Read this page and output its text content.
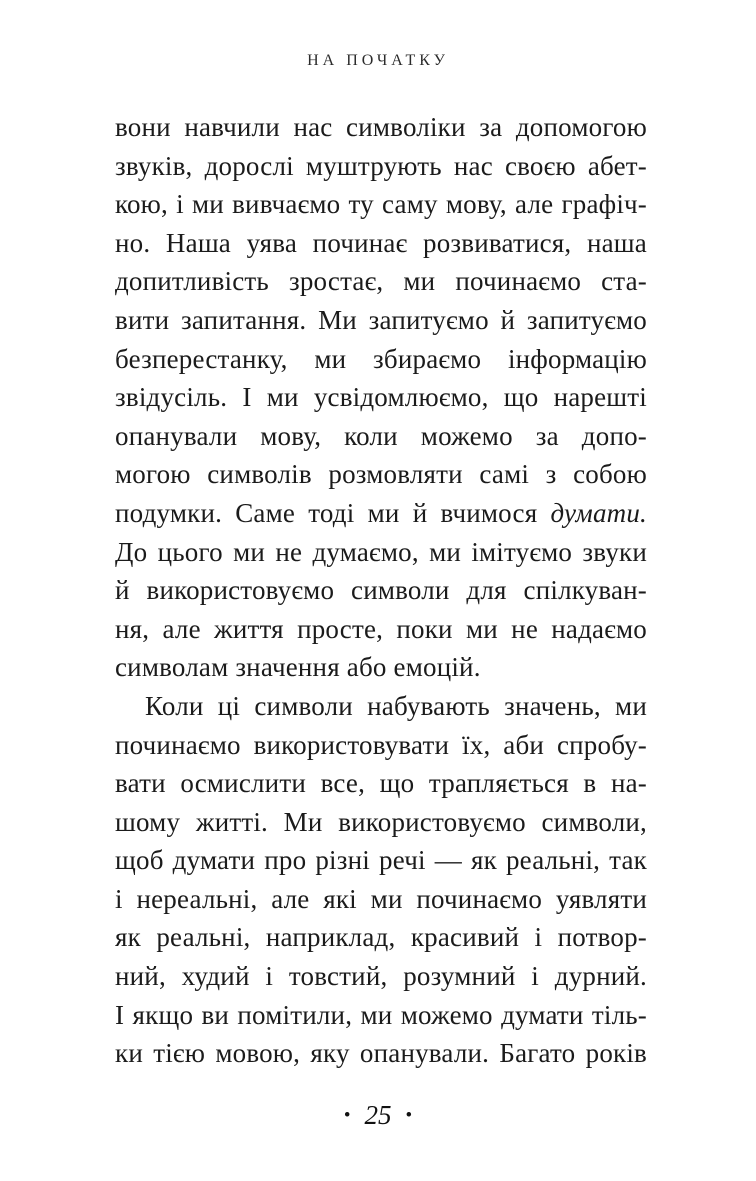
НА ПОЧАТКУ
вони навчили нас символіки за допомогою
звуків, дорослі муштрують нас своєю абет-
кою, і ми вивчаємо ту саму мову, але графіч-
но. Наша уява починає розвиватися, наша
допитливість зростає, ми починаємо ста-
вити запитання. Ми запитуємо й запитуємо
безперестанку, ми збираємо інформацію
звідусіль. І ми усвідомлюємо, що нарешті
опанували мову, коли можемо за допо-
могою символів розмовляти самі з собою
подумки. Саме тоді ми й вчимося думати.
До цього ми не думаємо, ми імітуємо звуки
й використовуємо символи для спілкуван-
ня, але життя просте, поки ми не надаємо
символам значення або емоцій.
Коли ці символи набувають значень, ми
починаємо використовувати їх, аби спробу-
вати осмислити все, що трапляється в на-
шому житті. Ми використовуємо символи,
щоб думати про різні речі — як реальні, так
і нереальні, але які ми починаємо уявляти
як реальні, наприклад, красивий і потвор-
ний, худий і товстий, розумний і дурний.
І якщо ви помітили, ми можемо думати тіль-
ки тією мовою, яку опанували. Багато років
• 25 •
